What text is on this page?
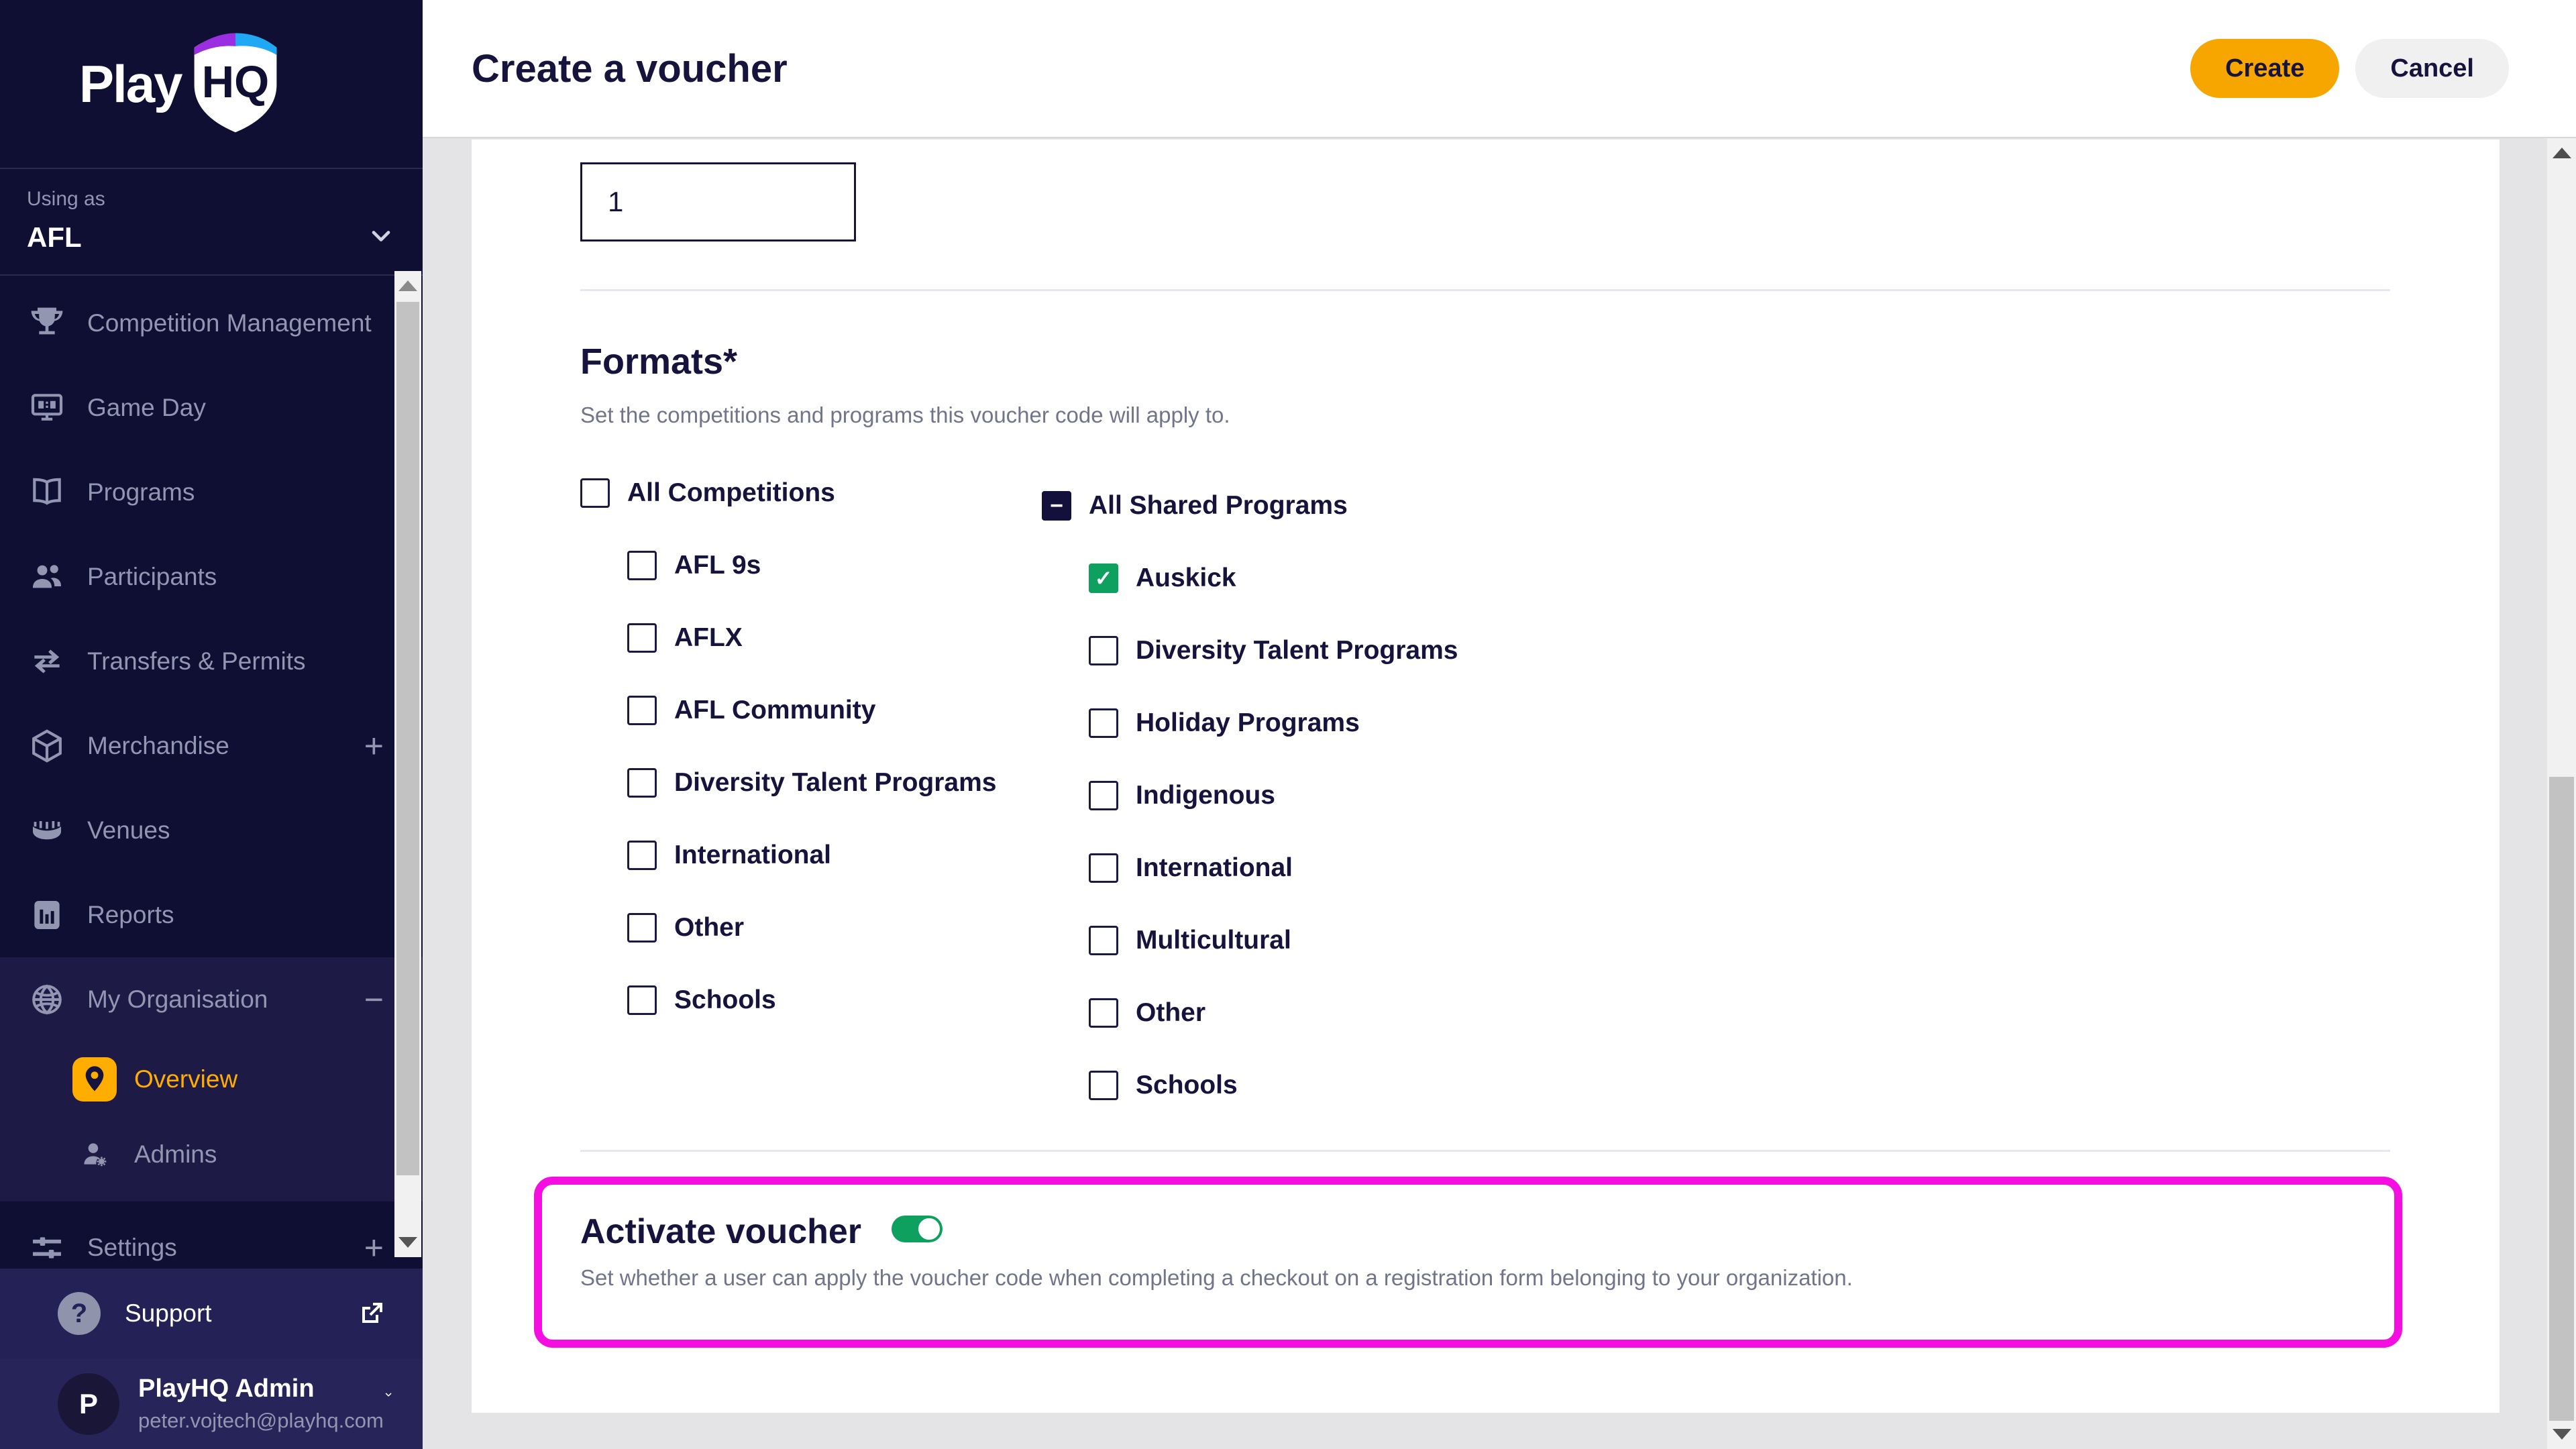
Play HQ
Using as
AFL
Competition Management
Game Day
Programs
Participants
Transfers & Permits
Merchandise	+
Venues
Reports
My Organisation	−
Overview
Admins
Settings	+
?	Support
P	PlayHQ Admin
peter.vojtech@playhq.com
Create a voucher	Create	Cancel
1
Formats*
Set the competitions and programs this voucher code will apply to.
All Competitions
AFL 9s
AFLX
AFL Community
Diversity Talent Programs
International
Other
Schools
−
All Shared Programs
✓
Auskick
Diversity Talent Programs
Holiday Programs
Indigenous
International
Multicultural
Other
Schools
Activate voucher
Set whether a user can apply the voucher code when completing a checkout on a registration form belonging to your organization.
